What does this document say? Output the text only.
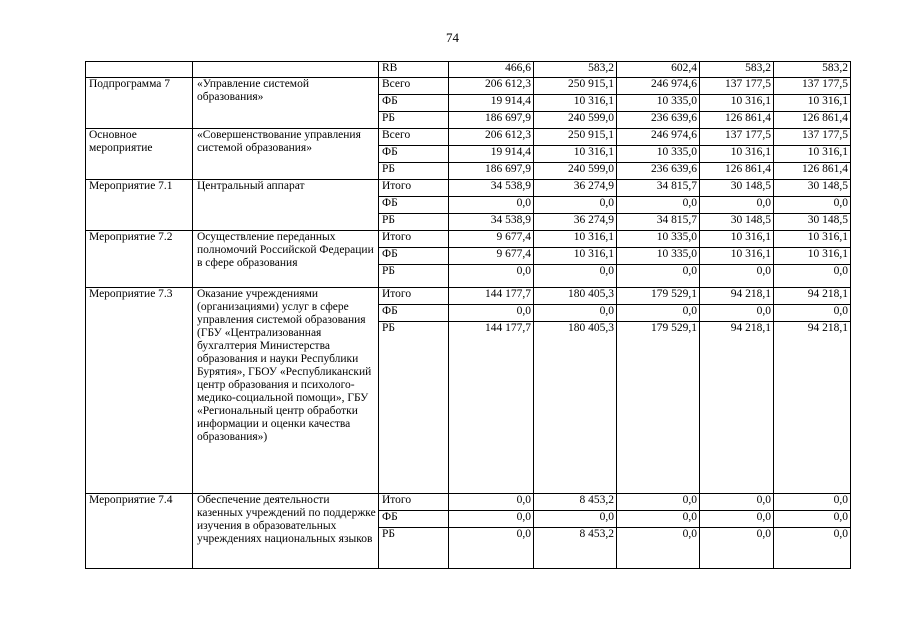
74
		RB	466,6	583,2	602,4	583,2	583,2
Подпрограмма 7	«Управление системой образования»	Всего	206 612,3	250 915,1	246 974,6	137 177,5	137 177,5
		ФБ	19 914,4	10 316,1	10 335,0	10 316,1	10 316,1
		РБ	186 697,9	240 599,0	236 639,6	126 861,4	126 861,4
Основное мероприятие	«Совершенствование управления системой образования»	Всего	206 612,3	250 915,1	246 974,6	137 177,5	137 177,5
		ФБ	19 914,4	10 316,1	10 335,0	10 316,1	10 316,1
		РБ	186 697,9	240 599,0	236 639,6	126 861,4	126 861,4
Мероприятие 7.1	Центральный аппарат	Итого	34 538,9	36 274,9	34 815,7	30 148,5	30 148,5
		ФБ	0,0	0,0	0,0	0,0	0,0
		РБ	34 538,9	36 274,9	34 815,7	30 148,5	30 148,5
Мероприятие 7.2	Осуществление переданных полномочий Российской Федерации в сфере образования	Итого	9 677,4	10 316,1	10 335,0	10 316,1	10 316,1
		ФБ	9 677,4	10 316,1	10 335,0	10 316,1	10 316,1
		РБ	0,0	0,0	0,0	0,0	0,0
Мероприятие 7.3	Оказание учреждениями (организациями) услуг в сфере управления системой образования (ГБУ «Централизованная бухгалтерия Министерства образования и науки Республики Бурятия», ГБОУ «Республиканский центр образования и психолого-медико-социальной помощи», ГБУ «Региональный центр обработки информации и оценки качества образования»)	Итого	144 177,7	180 405,3	179 529,1	94 218,1	94 218,1
		ФБ	0,0	0,0	0,0	0,0	0,0
		РБ	144 177,7	180 405,3	179 529,1	94 218,1	94 218,1
Мероприятие 7.4	Обеспечение деятельности казенных учреждений по поддержке изучения в образовательных учреждениях национальных языков	Итого	0,0	8 453,2	0,0	0,0	0,0
		ФБ	0,0	0,0	0,0	0,0	0,0
		РБ	0,0	8 453,2	0,0	0,0	0,0
